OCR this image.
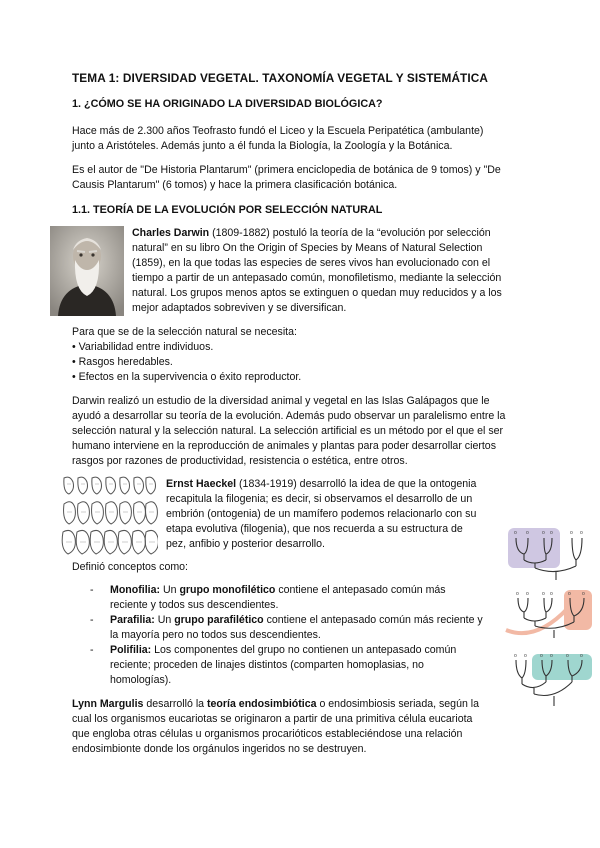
TEMA 1: DIVERSIDAD VEGETAL. TAXONOMÍA VEGETAL Y SISTEMÁTICA
1. ¿CÓMO SE HA ORIGINADO LA DIVERSIDAD BIOLÓGICA?

Hace más de 2.300 años Teofrasto fundó el Liceo y la Escuela Peripatética (ambulante)
junto a Aristóteles. Además junto a él funda la Biología, la Zoología y la Botánica.

Es el autor de "De Historia Plantarum" (primera enciclopedia de botánica de 9 tomos) y "De
Causis Plantarum" (6 tomos) y hace la primera clasificación botánica.

1.1. TEORÍA DE LA EVOLUCIÓN POR SELECCIÓN NATURAL

Charles Darwin (1809-1882) postuló la teoría de la “evolución por selección
natural” en su libro On the Origin of Species by Means of Natural Selection
(1859), en la que todas las especies de seres vivos han evolucionado con el
tiempo a partir de un antepasado común, monofiletismo, mediante la selección
natural. Los grupos menos aptos se extinguen o quedan muy reducidos y a los
mejor adaptados sobreviven y se diversifican.

Para que se de la selección natural se necesita:

• Variabilidad entre individuos.
• Rasgos heredables.
• Efectos en la supervivencia o éxito reproductor.

Darwin realizó un estudio de la diversidad animal y vegetal en las Islas Galápagos que le
ayudó a desarrollar su teoría de la evolución. Además pudo observar un paralelismo entre la
selección natural y la selección natural. La selección artificial es un método por el que el ser
humano interviene en la reproducción de animales y plantas para poder desarrollar ciertos
rasgos por razones de productividad, resistencia o estética, entre otros.

Ernst Haeckel (1834-1919) desarrolló la idea de que la ontogenia
recapitula la filogenia; es decir, si observamos el desarrollo de un
embrión (ontogenia) de un mamífero podemos relacionarlo con su
etapa evolutiva (filogenia), que nos recuerda a su estructura de
pez, anfibio y posterior desarrollo.

Definió conceptos como:

- Monofilia: Un grupo monofilético contiene el antepasado común más
reciente y todos sus descendientes.
- Parafilia: Un grupo parafilético contiene el antepasado común más reciente y
la mayoría pero no todos sus descendientes.
- Polifilia: Los componentes del grupo no contienen un antepasado común
reciente; proceden de linajes distintos (comparten homoplasias, no
homologías).
o o	o o	o o
o o	o o	o o
o o	o o	o o

Lynn Margulis desarrolló la teoría endosimbiótica o endosimbiosis seriada, según la
cual los organismos eucariotas se originaron a partir de una primitiva célula eucariota
que engloba otras células u organismos procarióticos estableciéndose una relación
endosimbionte donde los orgánulos ingeridos no se destruyen.
